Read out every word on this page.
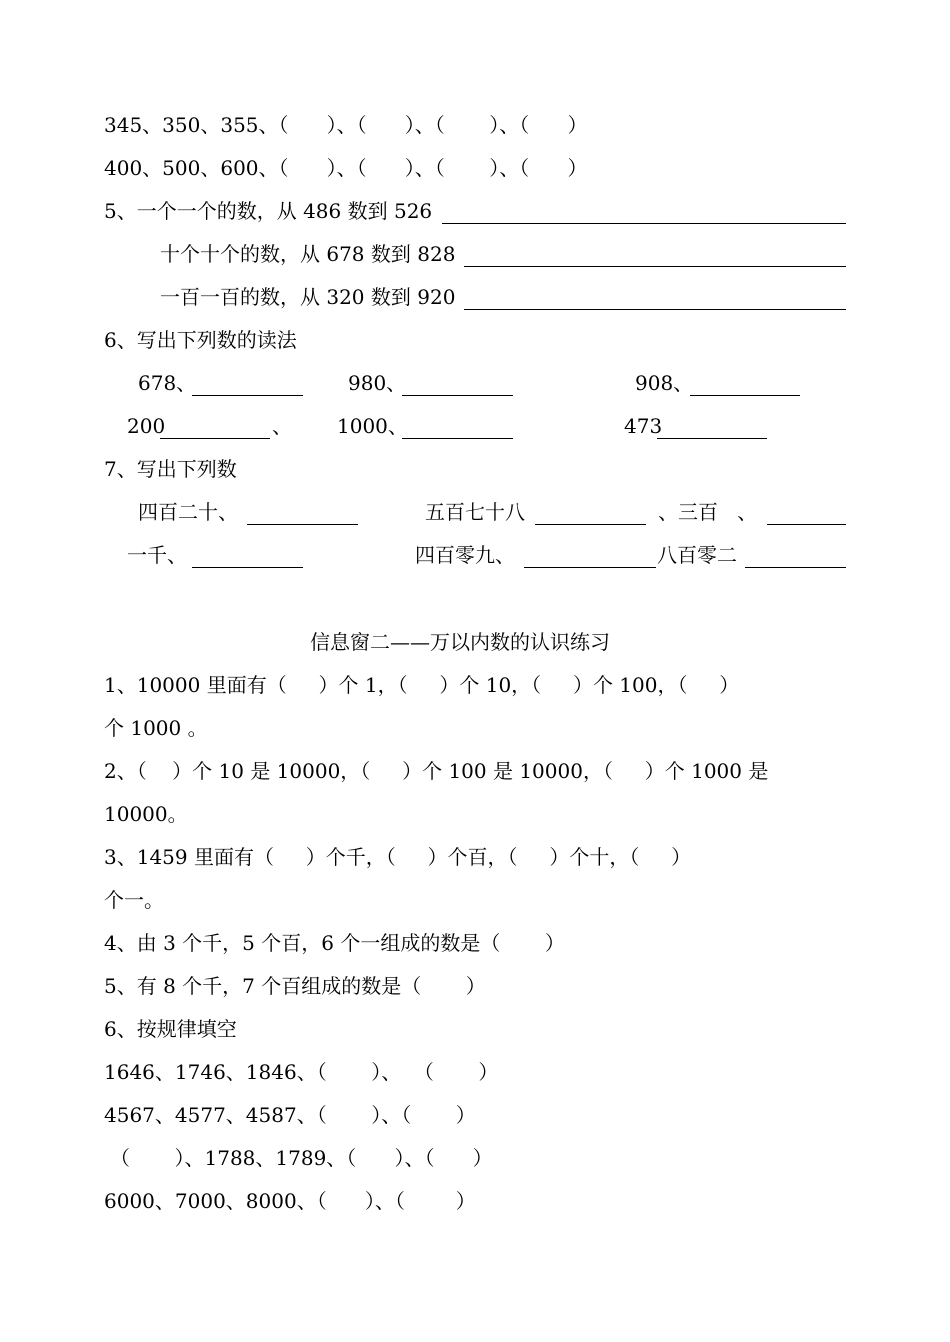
345、350、355、（      ）、（      ）、（       ）、（      ）
400、500、600、（      ）、（      ）、（       ）、（      ）
5、一个一个的数，从 486 数到 526
十个十个的数，从 678 数到 828
一百一百的数，从 320 数到 920
6、写出下列数的读法
678、	980、	908、
200	、 1000、	473
7、写出下列数
四百二十、	五百七十八	、三百   、
一千、	四百零九、	八百零二
信息窗二——万以内数的认识练习
1、10000 里面有（     ）个 1，（     ）个 10，（     ）个 100，（     ）
个 1000 。
2、（    ）个 10 是 10000，（     ）个 100 是 10000，（     ）个 1000 是
10000。
3、1459 里面有（     ）个千，（     ）个百，（     ）个十，（     ）
个一。
4、由 3 个千，5 个百，6 个一组成的数是（       ）
5、有 8 个千，7 个百组成的数是（       ）
6、按规律填空
1646、1746、1846、（       ）、  （       ）
4567、4577、4587、（       ）、（       ）
（       ）、1788、1789、（      ）、（      ）
6000、7000、8000、（      ）、（        ）
